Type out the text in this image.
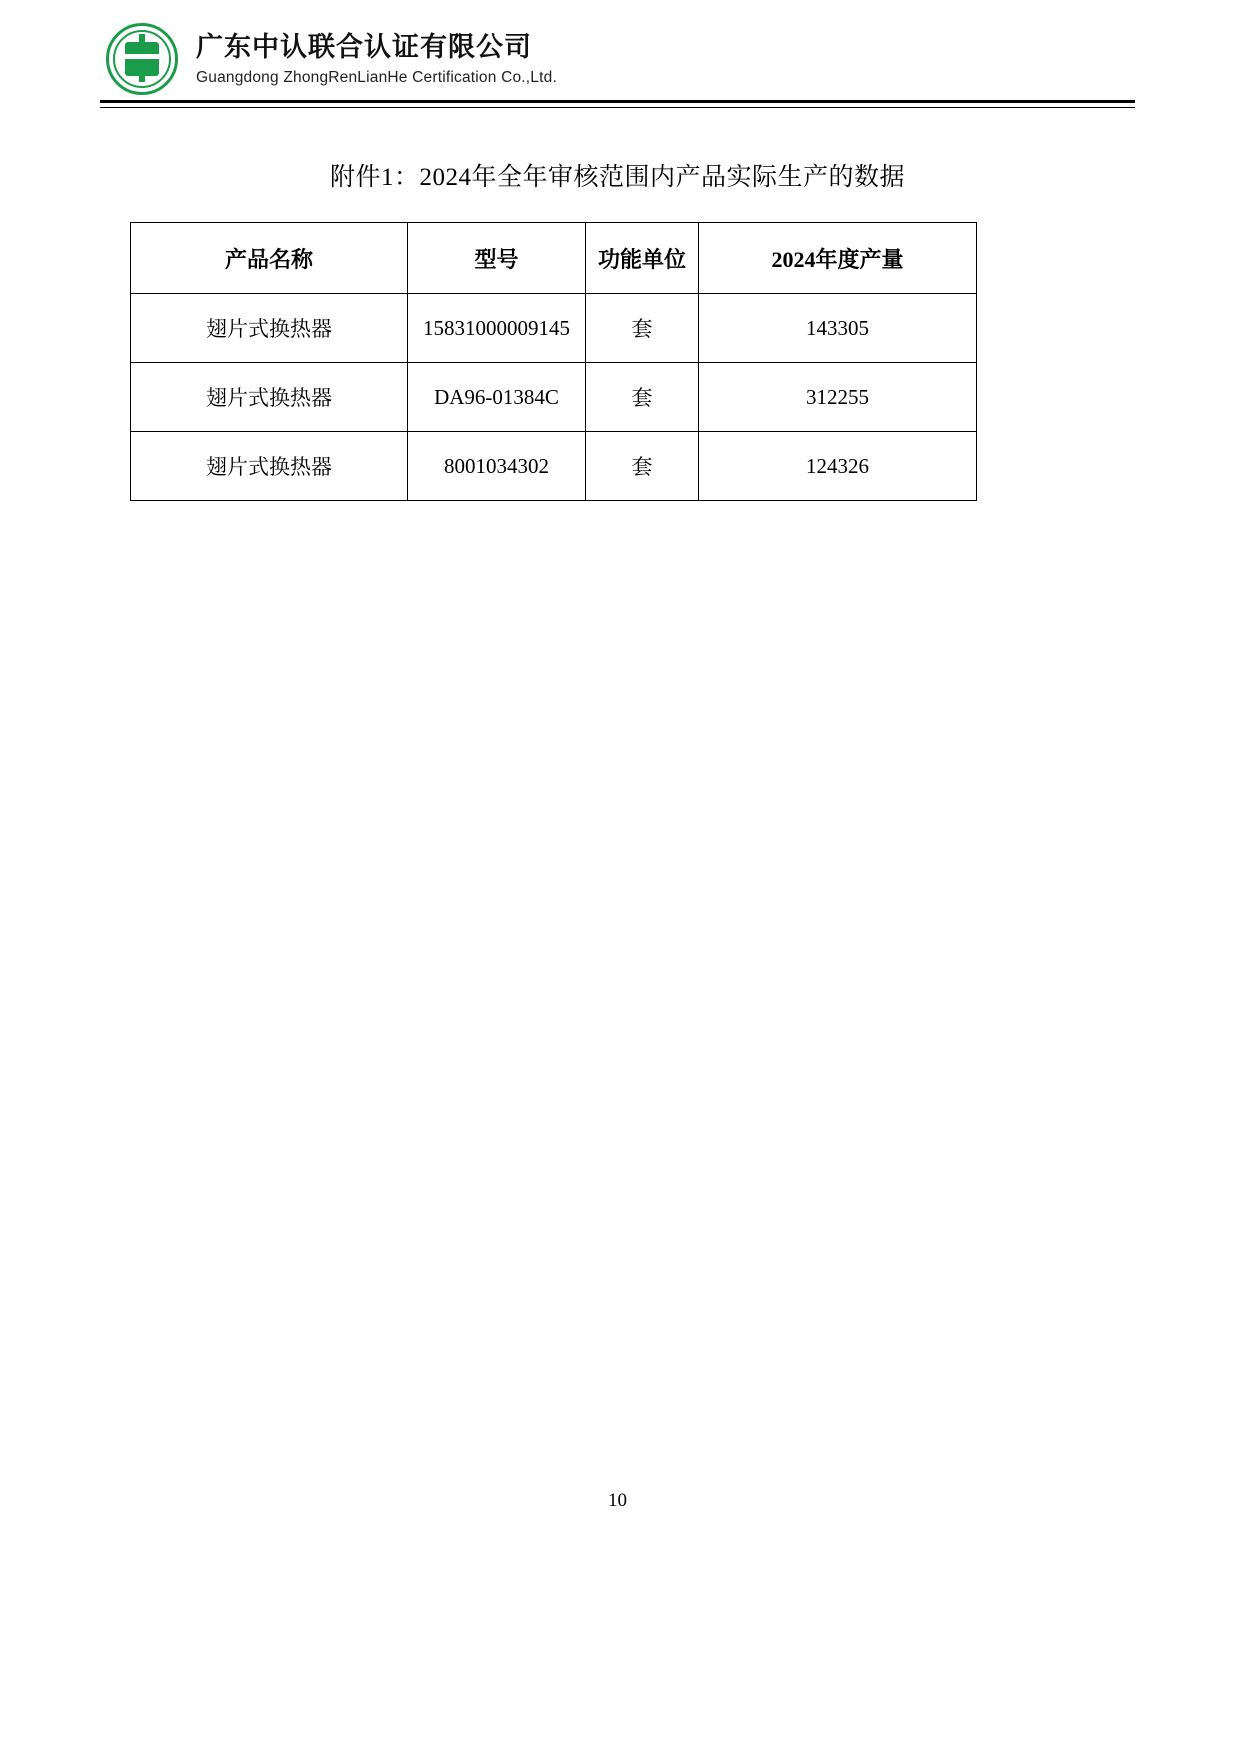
广东中认联合认证有限公司
Guangdong ZhongRenLianHe Certification Co.,Ltd.
附件1：2024年全年审核范围内产品实际生产的数据
产品名称	型号	功能单位	2024年度产量
翅片式换热器	15831000009145	套	143305
翅片式换热器	DA96-01384C	套	312255
翅片式换热器	8001034302	套	124326
10
